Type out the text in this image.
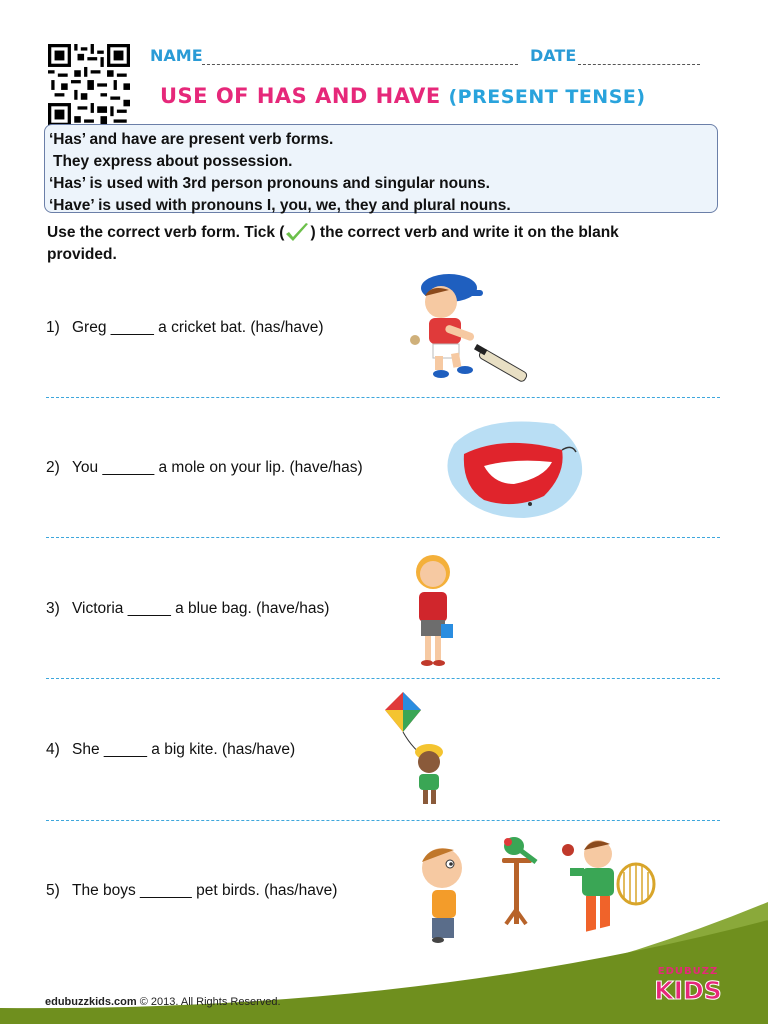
NAME	DATE
USE OF HAS AND HAVE (PRESENT TENSE)
‘Has’ and have are present verb forms.
They express about possession.
‘Has’ is used with 3rd person pronouns and singular nouns.
‘Have’ is used with pronouns I, you, we, they and plural nouns.
Use the correct verb form. Tick ( ) the correct verb and write it on the blank
provided.
1) Greg _____ a cricket bat. (has/have)
2) You ______ a mole on your lip. (have/has)
3) Victoria _____ a blue bag. (have/has)
4) She _____ a big kite. (has/have)
5) The boys ______ pet birds. (has/have)
edubuzzkids.com © 2013. All Rights Reserved.
EDUBUZZ
KIDS
